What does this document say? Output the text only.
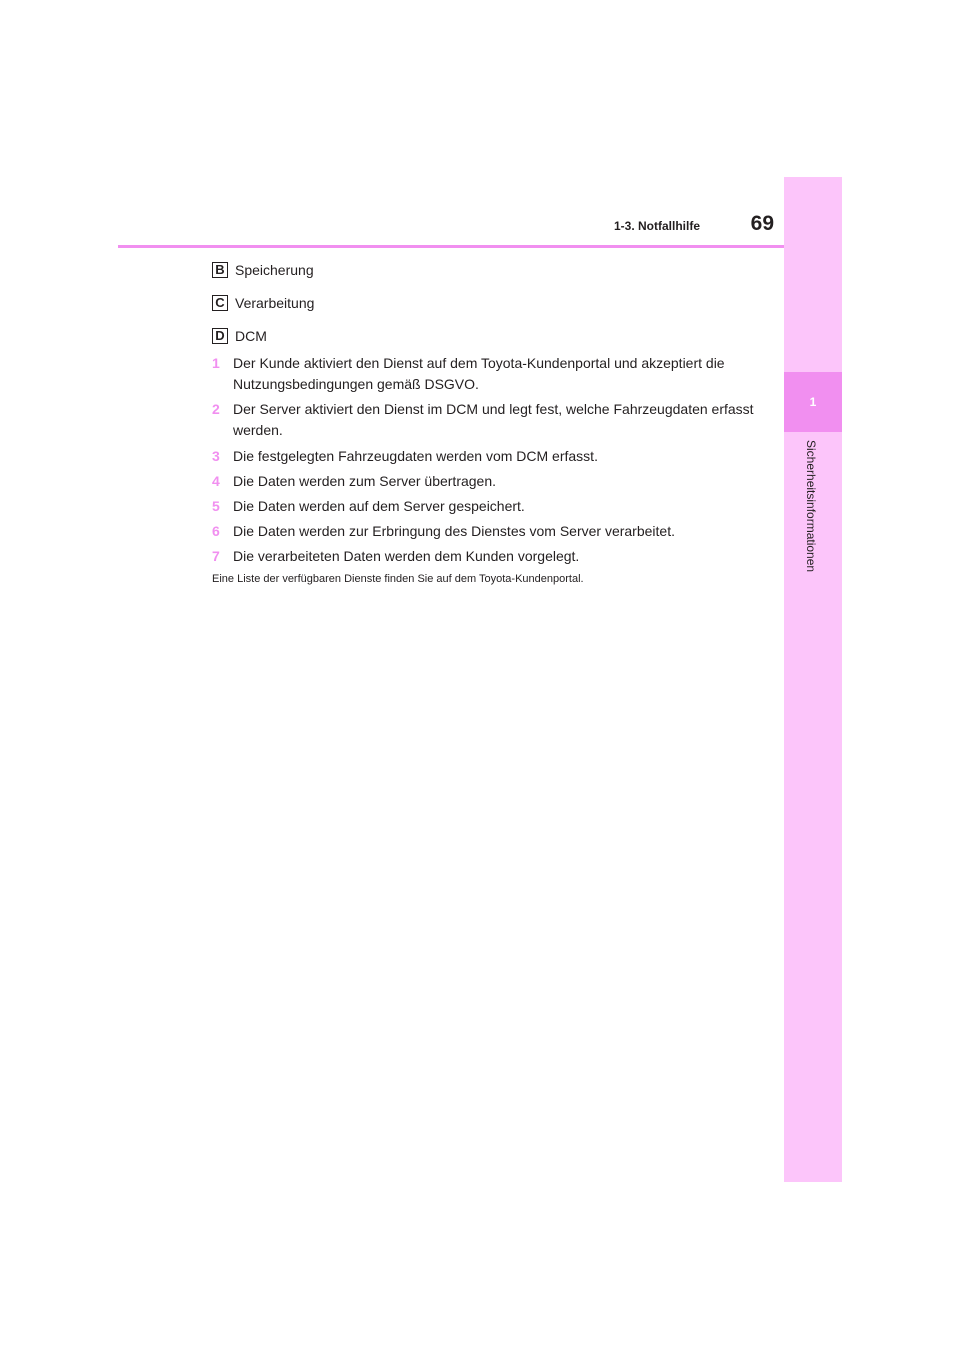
1
Sicherheitsinformationen
1-3. Notfallhilfe	69
B Speicherung
C Verarbeitung
D DCM
1 Der Kunde aktiviert den Dienst auf dem Toyota-Kundenportal und akzeptiert die Nutzungsbedingungen gemäß DSGVO.
2 Der Server aktiviert den Dienst im DCM und legt fest, welche Fahrzeugdaten erfasst werden.
3 Die festgelegten Fahrzeugdaten werden vom DCM erfasst.
4 Die Daten werden zum Server übertragen.
5 Die Daten werden auf dem Server gespeichert.
6 Die Daten werden zur Erbringung des Dienstes vom Server verarbeitet.
7 Die verarbeiteten Daten werden dem Kunden vorgelegt.
Eine Liste der verfügbaren Dienste finden Sie auf dem Toyota-Kundenportal.
